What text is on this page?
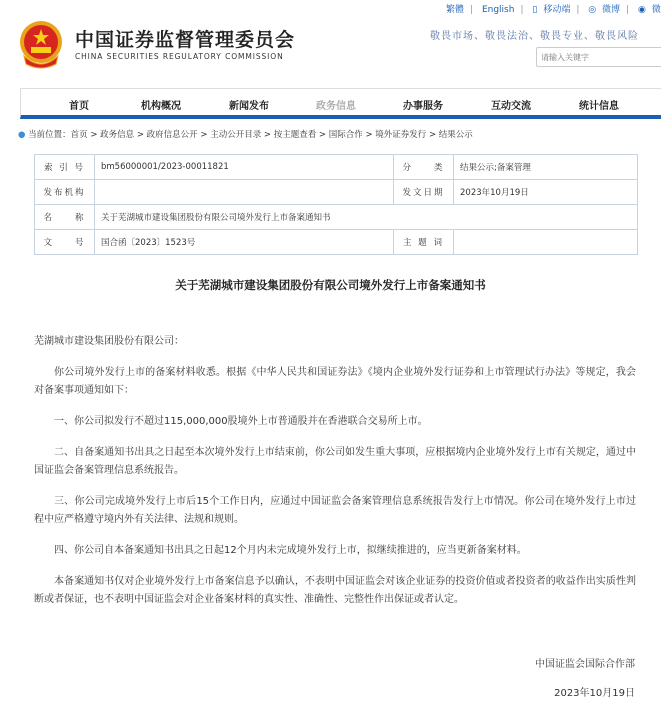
繁體 | English | ▯ 移动端 | ◎ 微博 | ◉ 微
中国证券监督管理委员会
CHINA SECURITIES REGULATORY COMMISSION
敬畏市场、敬畏法治、敬畏专业、敬畏风险
请输入关键字
首页	机构概况	新闻发布	政务信息	办事服务	互动交流	统计信息
● 当前位置：首页 > 政务信息 > 政府信息公开 > 主动公开目录 > 按主题查看 > 国际合作 > 境外证券发行 > 结果公示
索 引 号	bm56000001/2023-00011821	分　　类	结果公示;备案管理
发布机构		发文日期	2023年10月19日
名　　称	关于芜湖城市建设集团股份有限公司境外发行上市备案通知书		
文　　号	国合函〔2023〕1523号	主 题 词	
关于芜湖城市建设集团股份有限公司境外发行上市备案通知书

芜湖城市建设集团股份有限公司：

你公司境外发行上市的备案材料收悉。根据《中华人民共和国证券法》《境内企业境外发行证券和上市管理试行办法》等规定，我会对备案事项通知如下：

一、你公司拟发行不超过115,000,000股境外上市普通股并在香港联合交易所上市。

二、自备案通知书出具之日起至本次境外发行上市结束前，你公司如发生重大事项，应根据境内企业境外发行上市有关规定，通过中国证监会备案管理信息系统报告。

三、你公司完成境外发行上市后15个工作日内，应通过中国证监会备案管理信息系统报告发行上市情况。你公司在境外发行上市过程中应严格遵守境内外有关法律、法规和规则。

四、你公司自本备案通知书出具之日起12个月内未完成境外发行上市，拟继续推进的，应当更新备案材料。

本备案通知书仅对企业境外发行上市备案信息予以确认，不表明中国证监会对该企业证券的投资价值或者投资者的收益作出实质性判断或者保证，也不表明中国证监会对企业备案材料的真实性、准确性、完整性作出保证或者认定。

中国证监会国际合作部
2023年10月19日
